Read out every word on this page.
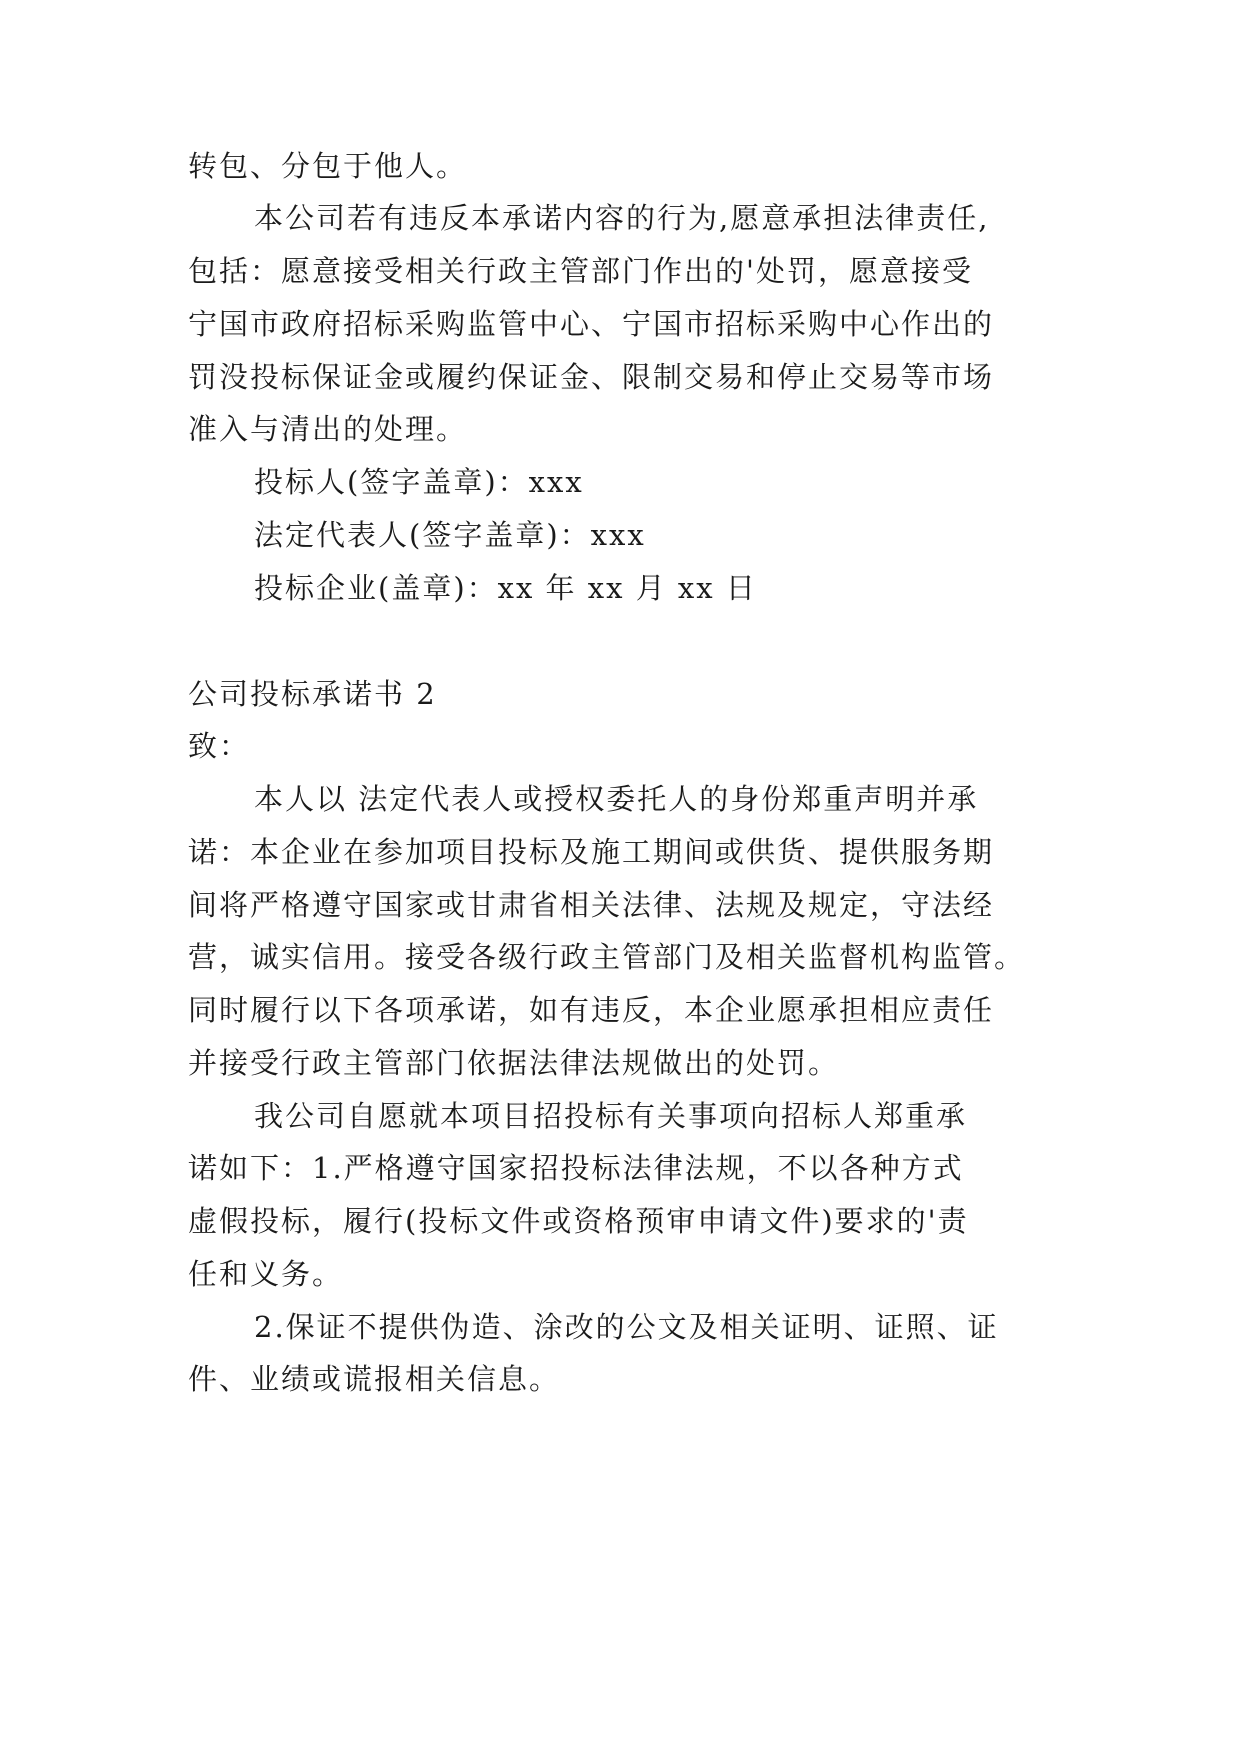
转包、分包于他人。
本公司若有违反本承诺内容的行为,愿意承担法律责任,
包括：愿意接受相关行政主管部门作出的'处罚，愿意接受
宁国市政府招标采购监管中心、宁国市招标采购中心作出的
罚没投标保证金或履约保证金、限制交易和停止交易等市场
准入与清出的处理。
投标人(签字盖章)：xxx
法定代表人(签字盖章)：xxx
投标企业(盖章)：xx 年 xx 月 xx 日
公司投标承诺书 2
致：
本人以 法定代表人或授权委托人的身份郑重声明并承
诺：本企业在参加项目投标及施工期间或供货、提供服务期
间将严格遵守国家或甘肃省相关法律、法规及规定，守法经
营，诚实信用。接受各级行政主管部门及相关监督机构监管。
同时履行以下各项承诺，如有违反，本企业愿承担相应责任
并接受行政主管部门依据法律法规做出的处罚。
我公司自愿就本项目招投标有关事项向招标人郑重承
诺如下：1.严格遵守国家招投标法律法规，不以各种方式
虚假投标，履行(投标文件或资格预审申请文件)要求的'责
任和义务。
2.保证不提供伪造、涂改的公文及相关证明、证照、证
件、业绩或谎报相关信息。
